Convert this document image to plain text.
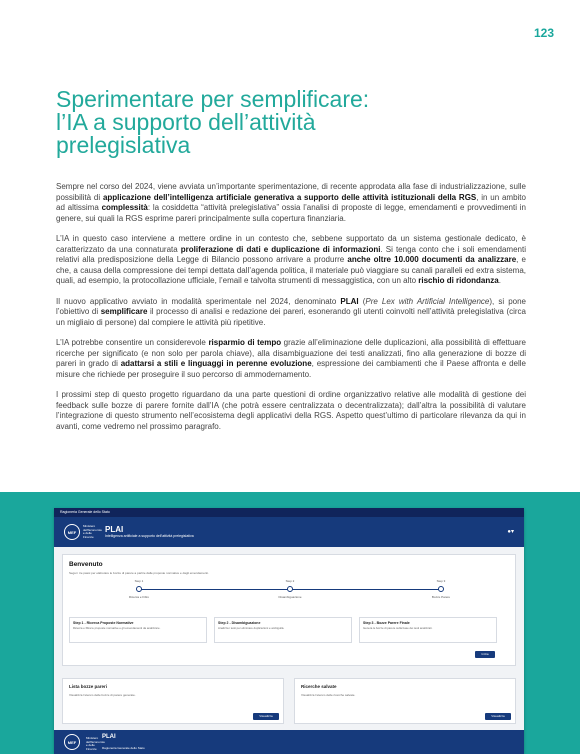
123
Sperimentare per semplificare:
l’IA a supporto dell’attività
prelegislativa

Sempre nel corso del 2024, viene avviata un’importante sperimentazione, di recente approdata alla fase di industrializzazione, sulle possibilità di applicazione dell’intelligenza artificiale generativa a supporto delle attività istituzionali della RGS, in un ambito ad altissima complessità: la cosiddetta “attività prelegislativa” ossia l’analisi di proposte di legge, emendamenti e provvedimenti in genere, sui quali la RGS esprime pareri principalmente sulla copertura finanziaria.

L’IA in questo caso interviene a mettere ordine in un contesto che, sebbene supportato da un sistema gestionale dedicato, è caratterizzato da una connaturata proliferazione di dati e duplicazione di informazioni. Si tenga conto che i soli emendamenti relativi alla predisposizione della Legge di Bilancio possono arrivare a produrre anche oltre 10.000 documenti da analizzare, e che, a causa della compressione dei tempi dettata dall’agenda politica, il materiale può viaggiare su canali paralleli ed extra sistema, quali, ad esempio, la protocollazione ufficiale, l’email e talvolta strumenti di messaggistica, con un alto rischio di ridondanza.

Il nuovo applicativo avviato in modalità sperimentale nel 2024, denominato PLAI (Pre Lex with Artificial Intelligence), si pone l’obiettivo di semplificare il processo di analisi e redazione dei pareri, esonerando gli utenti coinvolti nell’attività prelegislativa (circa un migliaio di persone) dal compiere le attività più ripetitive.

L’IA potrebbe consentire un considerevole risparmio di tempo grazie all’eliminazione delle duplicazioni, alla possibilità di effettuare ricerche per significato (e non solo per parola chiave), alla disambiguazione dei testi analizzati, fino alla generazione di bozze di pareri in grado di adattarsi a stili e linguaggi in perenne evoluzione, espressione dei cambiamenti che il Paese affronta e delle misure che richiede per proseguire il suo percorso di ammodernamento.

I prossimi step di questo progetto riguardano da una parte questioni di ordine organizzativo relative alle modalità di gestione dei feedback sulle bozze di parere fornite dall’IA (che potrà essere centralizzata o decentralizzata); dall’altra la possibilità di valutare l’integrazione di questo strumento nell’ecosistema degli applicativi della RGS. Aspetto quest’ultimo di particolare rilevanza da qui in avanti, come vedremo nel prossimo paragrafo.

Ragioneria Generale dello Stato
MEF
Ministero dell’Economia e delle Finanze
PLAI
Intelligenza artificiale a supporto dell’attività prelegislativa
●▾
Benvenuto
Segui i tre passi per elaborare le bozze di parere a partire dalle proposte normative e dagli emendamenti.
Step 1	Step 2	Step 3
Ricerca e Filtro	Disambiguazione	Bozze Parere
Step 1 - Ricerca Proposte Normative
Ricerca e filtra le proposte normative e gli emendamenti da analizzare.
Step 2 - Disambiguazione
Analizza i testi per eliminare duplicazioni e ambiguità.
Step 3 - Bozze Parere Finale
Genera le bozze di parere sulla base dei testi analizzati.
Inizia
Lista bozze pareri
Visualizza l’elenco delle bozze di parere generate.
Visualizza
Ricerche salvate
Visualizza l’elenco delle ricerche salvate.
Visualizza
MEF
Ministero dell’Economia e delle Finanze
PLAI
Ragioneria Generale dello Stato
